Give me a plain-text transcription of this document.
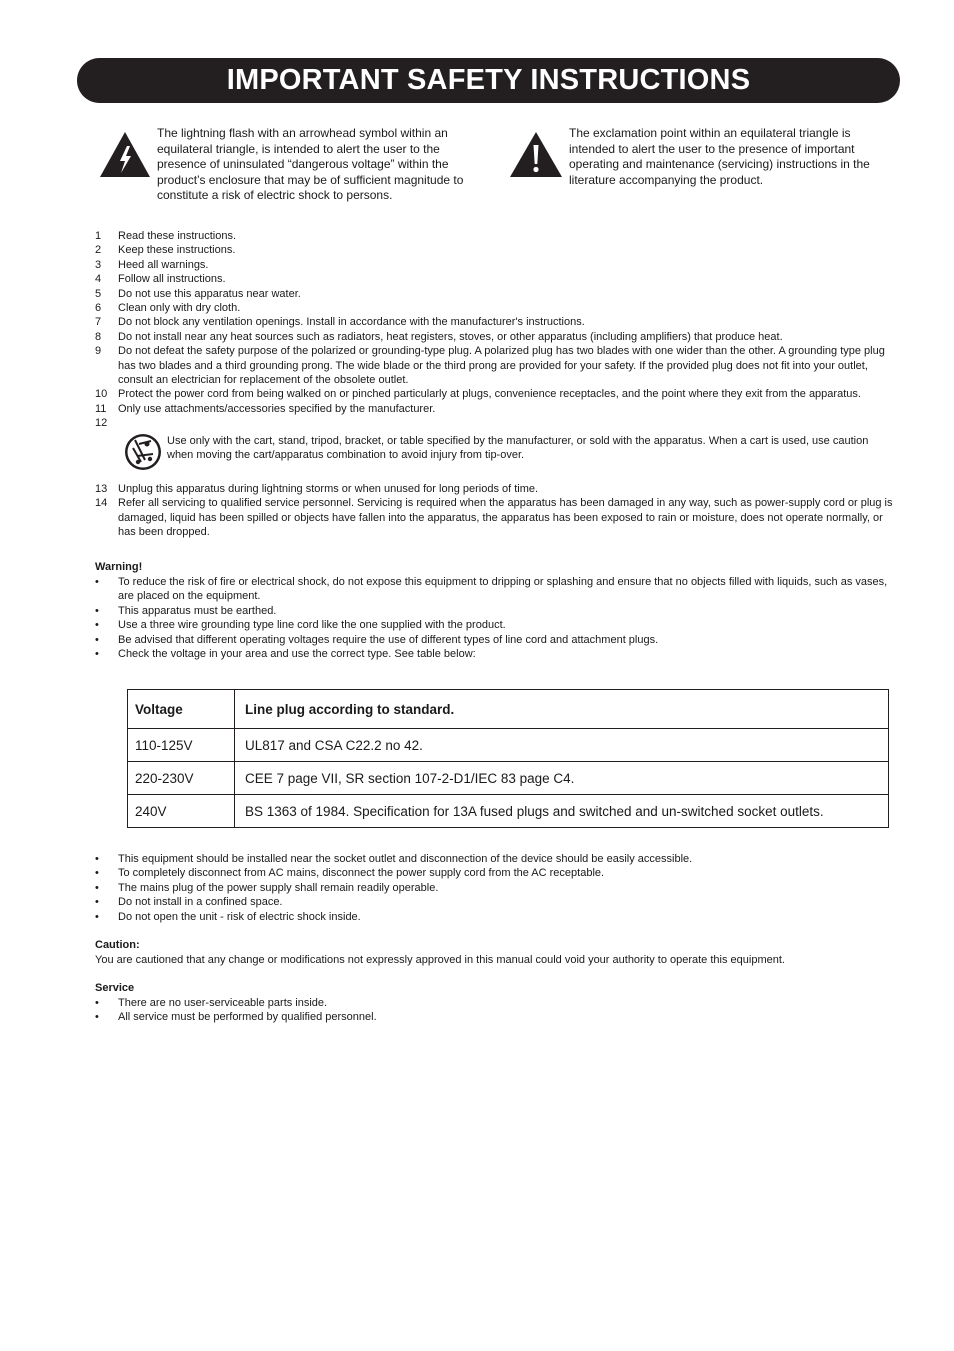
IMPORTANT SAFETY INSTRUCTIONS
The lightning flash with an arrowhead symbol within an equilateral triangle, is intended to alert the user to the presence of uninsulated “dangerous voltage” within the product’s enclosure that may be of sufficient magnitude to constitute a risk of electric shock to persons.
The exclamation point within an equilateral triangle is intended to alert the user to the presence of important operating and maintenance (servicing) instructions in the literature accompanying the product.
1	Read these instructions.
2	Keep these instructions.
3	Heed all warnings.
4	Follow all instructions.
5	Do not use this apparatus near water.
6	Clean only with dry cloth.
7	Do not block any ventilation openings. Install in accordance with the manufacturer's instructions.
8	Do not install near any heat sources such as radiators, heat registers, stoves, or other apparatus (including amplifiers) that produce heat.
9	Do not defeat the safety purpose of the polarized or grounding-type plug. A polarized plug has two blades with one wider than the other. A grounding type plug has two blades and a third grounding prong. The wide blade or the third prong are provided for your safety. If the provided plug does not fit into your outlet, consult an electrician for replacement of the obsolete outlet.
10 Protect the power cord from being walked on or pinched particularly at plugs, convenience receptacles, and the point where they exit from the apparatus.
11	Only use attachments/accessories specified by the manufacturer.
12
Use only with the cart, stand, tripod, bracket, or table specified by the manufacturer, or sold with the apparatus. When a cart is used, use caution when moving the cart/apparatus combination to avoid injury from tip-over.
13 Unplug this apparatus during lightning storms or when unused for long periods of time.
14 Refer all servicing to qualified service personnel. Servicing is required when the apparatus has been damaged in any way, such as power-supply cord or plug is damaged, liquid has been spilled or objects have fallen into the apparatus, the apparatus has been exposed to rain or moisture, does not operate normally, or has been dropped.
Warning!
•	To reduce the risk of fire or electrical shock, do not expose this equipment to dripping or splashing and ensure that no objects filled with liquids, such as vases, are placed on the equipment.
•	This apparatus must be earthed.
•	Use a three wire grounding type line cord like the one supplied with the product.
•	Be advised that different operating voltages require the use of different types of line cord and attachment plugs.
•	Check the voltage in your area and use the correct type. See table below:
Voltage	Line plug according to standard.
110-125V	UL817 and CSA C22.2 no 42.
220-230V	CEE 7 page VII, SR section 107-2-D1/IEC 83 page C4.
240V	BS 1363 of 1984. Specification for 13A fused plugs and switched and un-switched socket outlets.
•	This equipment should be installed near the socket outlet and disconnection of the device should be easily accessible.
•	To completely disconnect from AC mains, disconnect the power supply cord from the AC receptable.
•	The mains plug of the power supply shall remain readily operable.
•	Do not install in a confined space.
•	Do not open the unit - risk of electric shock inside.
Caution:
You are cautioned that any change or modifications not expressly approved in this manual could void your authority to operate this equipment.
Service
•	There are no user-serviceable parts inside.
•	All service must be performed by qualified personnel.
